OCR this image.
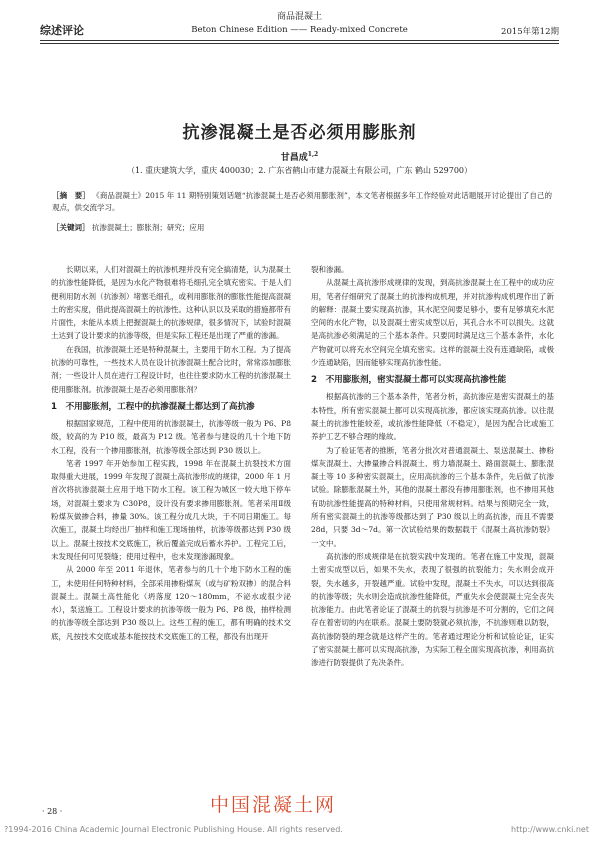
商品混凝土
综述评论	Beton Chinese Edition —— Ready-mixed Concrete	2015年第12期
抗渗混凝土是否必须用膨胀剂
甘昌成$^{1,2}$
（1. 重庆建筑大学，重庆 400030；2. 广东省鹤山市建力混凝土有限公司，广东 鹤山 529700）
［摘　要］ 《商品混凝土》2015 年 11 期特别策划话题“抗渗混凝土是否必须用膨胀剂”，本文笔者根据多年工作经验对此话题展开讨论提出了自己的观点，供交流学习。
［关键词］ 抗渗混凝土；膨胀剂；研究；应用

长期以来，人们对混凝土的抗渗机理并没有完全搞清楚，认为混凝土的抗渗性能降低，是因为水化产物很难将毛细孔完全填充密实。于是人们便利用防水剂（抗渗剂）堵塞毛细孔，或利用膨胀剂的膨胀性能提高混凝土的密实度，借此提高混凝土的抗渗性。这种认识以及采取的措施都带有片面性，未能从本质上把握混凝土的抗渗规律，很多情况下，试验时混凝土达到了设计要求的抗渗等级，但是实际工程还是出现了严重的渗漏。

在我国，抗渗混凝土还是特种混凝土，主要用于防水工程。为了提高抗渗的可靠性，一些技术人员在设计抗渗混凝土配合比时，常常添加膨胀剂；一些设计人员在进行工程设计时，也往往要求防水工程的抗渗混凝土使用膨胀剂。抗渗混凝土是否必须用膨胀剂？

1　不用膨胀剂，工程中的抗渗混凝土都达到了高抗渗

根据国家规范，工程中使用的抗渗混凝土，抗渗等级一般为 P6、P8 级，较高的为 P10 级，最高为 P12 级。笔者参与建设的几十个地下防水工程，没有一个掺用膨胀剂，抗渗等级全部达到 P30 级以上。

笔者 1997 年开始参加工程实践，1998 年在混凝土抗裂技术方面取得重大进展，1999 年发现了混凝土高抗渗形成的规律，2000 年 1 月首次将抗渗混凝土应用于地下防水工程。该工程为城区一较大地下停车场，对混凝土要求为 C30P8，设计没有要求掺用膨胀剂。笔者采用Ⅱ级粉煤灰做掺合料，掺量 30%。该工程分成几大块，于不同日期施工。每次施工，混凝土均经出厂抽样和施工现场抽样，抗渗等级都达到 P30 级以上。混凝土按技术交底施工，秋后覆盖完成后蓄水养护。工程完工后，未发现任何可见裂缝；使用过程中，也未发现渗漏现象。

从 2000 年至 2011 年退休，笔者参与的几十个地下防水工程的施工，未使用任何特种材料，全部采用掺粉煤灰（或与矿粉双掺）的混合料混凝土。混凝土高性能化（坍落度 120～180mm，不泌水或很少泌水），泵送施工。工程设计要求的抗渗等级一般为 P6、P8 级，抽样检测的抗渗等级全部达到 P30 级以上。这些工程的施工，都有明确的技术交底，凡按技术交底或基本能按技术交底施工的工程，都没有出现开

裂和渗漏。

从混凝土高抗渗形成规律的发现，到高抗渗混凝土在工程中的成功应用，笔者仔细研究了混凝土的抗渗构成机理，并对抗渗构成机理作出了新的解释：混凝土要实现高抗渗，其水泥空间要足够小，要有足够填充水泥空间的水化产物，以及混凝土密实成型以后，其孔合水不可以损失。这就是高抗渗必须满足的三个基本条件。只要同时满足这三个基本条件，水化产物就可以将充水空间完全填充密实。这样的混凝土没有连通缺陷，或极少连通缺陷，因而能够实现高抗渗性能。

2　不用膨胀剂，密实混凝土都可以实现高抗渗性能

根据高抗渗的三个基本条件，笔者分析，高抗渗应是密实混凝土的基本特性，所有密实混凝土都可以实现高抗渗，都应该实现高抗渗。以往混凝土的抗渗性能较差，或抗渗性能降低（不稳定），是因为配合比或施工养护工艺不够合理的缘故。

为了验证笔者的推断，笔者分批次对普通混凝土、泵送混凝土、掺粉煤灰混凝土、大掺量掺合料混凝土、剪力墙混凝土、路面混凝土、膨胀混凝土等 10 多种密实混凝土，应用高抗渗的三个基本条件，先后做了抗渗试验。除膨胀混凝土外，其他的混凝土都没有掺用膨胀剂，也不掺用其他有助抗渗性能提高的特种材料，只使用常规材料。结果与预期完全一致，所有密实混凝土的抗渗等级都达到了 P30 级以上的高抗渗，而且不需要 28d，只要 3d～7d。第一次试验结果的数据载于《混凝土高抗渗防裂》一文中。

高抗渗的形成规律是在抗裂实践中发现的。笔者在施工中发现，混凝土密实成型以后，如果不失水，表现了很强的抗裂能力；失水则会成开裂，失水越多，开裂越严重。试验中发现，混凝土不失水，可以达到很高的抗渗等级；失水则会造成抗渗性能降低，严重失水会使混凝土完全丧失抗渗能力。由此笔者论证了混凝土的抗裂与抗渗是不可分割的，它们之间存在着密切的内在联系。混凝土要防裂就必须抗渗，不抗渗则难以防裂，高抗渗防裂的理念就是这样产生的。笔者通过理论分析和试验论证，证实了密实混凝土都可以实现高抗渗，为实际工程全面实现高抗渗，利用高抗渗进行防裂提供了先决条件。

· 28 ·	中国混凝土网
?1994-2016 China Academic Journal Electronic Publishing House. All rights reserved.	http://www.cnki.net
